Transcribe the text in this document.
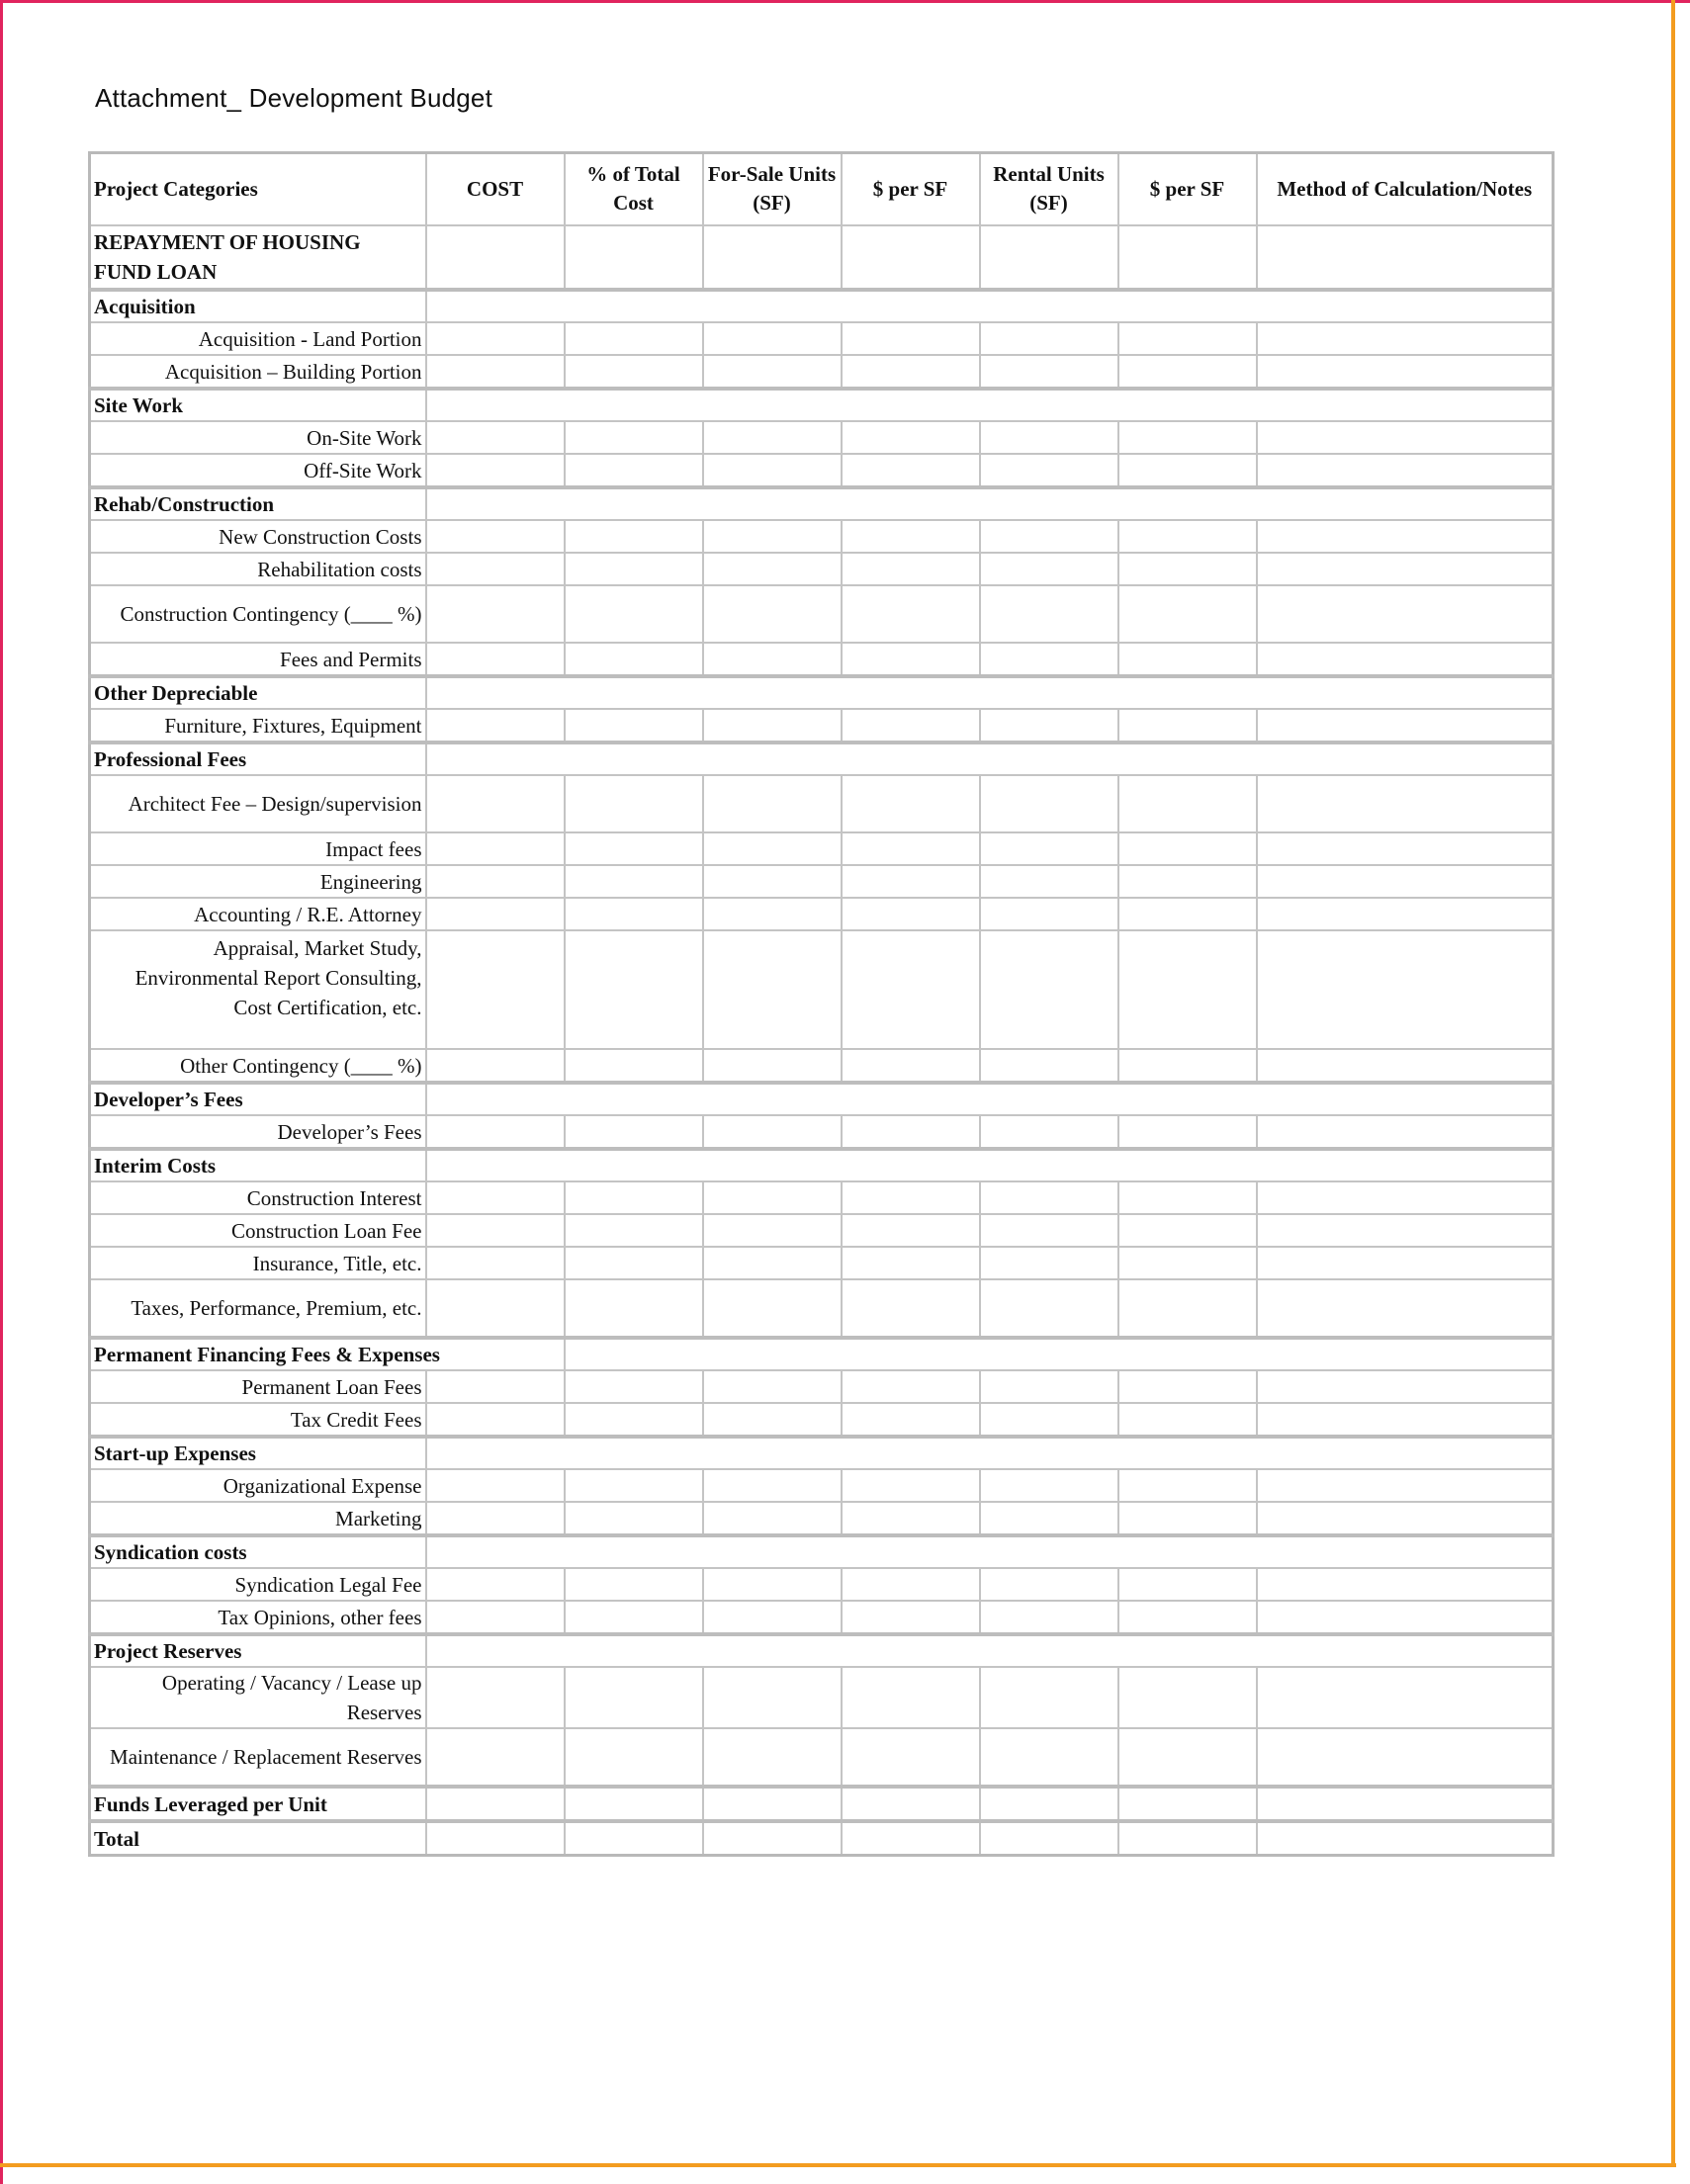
Attachment_ Development Budget
Project Categories	COST	% of Total Cost	For-Sale Units (SF)	$ per SF	Rental Units (SF)	$ per SF	Method of Calculation/Notes
REPAYMENT OF HOUSING FUND LOAN							
Acquisition							
Acquisition - Land Portion							
Acquisition – Building Portion							
Site Work							
On-Site Work							
Off-Site Work							
Rehab/Construction							
New Construction Costs							
Rehabilitation costs							
Construction Contingency (____ %)							
Fees and Permits							
Other Depreciable							
Furniture, Fixtures, Equipment							
Professional Fees							
Architect Fee – Design/supervision							
Impact fees							
Engineering							
Accounting / R.E. Attorney							
Appraisal, Market Study, Environmental Report Consulting, Cost Certification, etc.							
Other Contingency (____ %)							
Developer’s Fees							
Developer’s Fees							
Interim Costs							
Construction Interest							
Construction Loan Fee							
Insurance, Title, etc.							
Taxes, Performance, Premium, etc.							
Permanent Financing Fees & Expenses							
Permanent Loan Fees							
Tax Credit Fees							
Start-up Expenses							
Organizational Expense							
Marketing							
Syndication costs							
Syndication Legal Fee							
Tax Opinions, other fees							
Project Reserves							
Operating / Vacancy / Lease up Reserves							
Maintenance / Replacement Reserves							
Funds Leveraged per Unit							
Total							
